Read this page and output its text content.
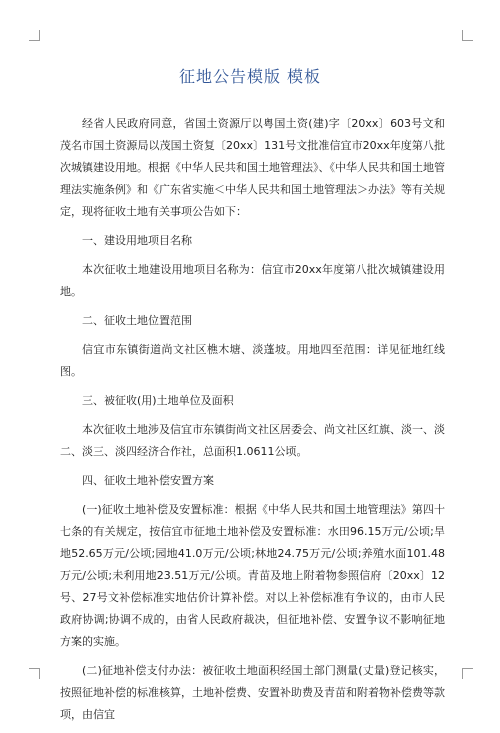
征地公告模版 模板

经省人民政府同意，省国土资源厅以粤国土资(建)字〔20xx〕603号文和茂名市国土资源局以茂国土资复〔20xx〕131号文批准信宜市20xx年度第八批次城镇建设用地。根据《中华人民共和国土地管理法》、《中华人民共和国土地管理法实施条例》和《广东省实施＜中华人民共和国土地管理法＞办法》等有关规定，现将征收土地有关事项公告如下：

一、建设用地项目名称

本次征收土地建设用地项目名称为：信宜市20xx年度第八批次城镇建设用地。

二、征收土地位置范围

信宜市东镇街道尚文社区樵木塘、淡蓬坡。用地四至范围：详见征地红线图。

三、被征收(用)土地单位及面积

本次征收土地涉及信宜市东镇街尚文社区居委会、尚文社区红旗、淡一、淡二、淡三、淡四经济合作社，总面积1.0611公顷。

四、征收土地补偿安置方案

(一)征收土地补偿及安置标准：根据《中华人民共和国土地管理法》第四十七条的有关规定，按信宜市征地土地补偿及安置标准：水田96.15万元/公顷;旱地52.65万元/公顷;园地41.0万元/公顷;林地24.75万元/公顷;养殖水面101.48万元/公顷;未利用地23.51万元/公顷。青苗及地上附着物参照信府〔20xx〕12号、27号文补偿标准实地估价计算补偿。对以上补偿标准有争议的，由市人民政府协调;协调不成的，由省人民政府裁决，但征地补偿、安置争议不影响征地方案的实施。

(二)征地补偿支付办法：被征收土地面积经国土部门测量(丈量)登记核实，按照征地补偿的标准核算，土地补偿费、安置补助费及青苗和附着物补偿费等款项，由信宜
